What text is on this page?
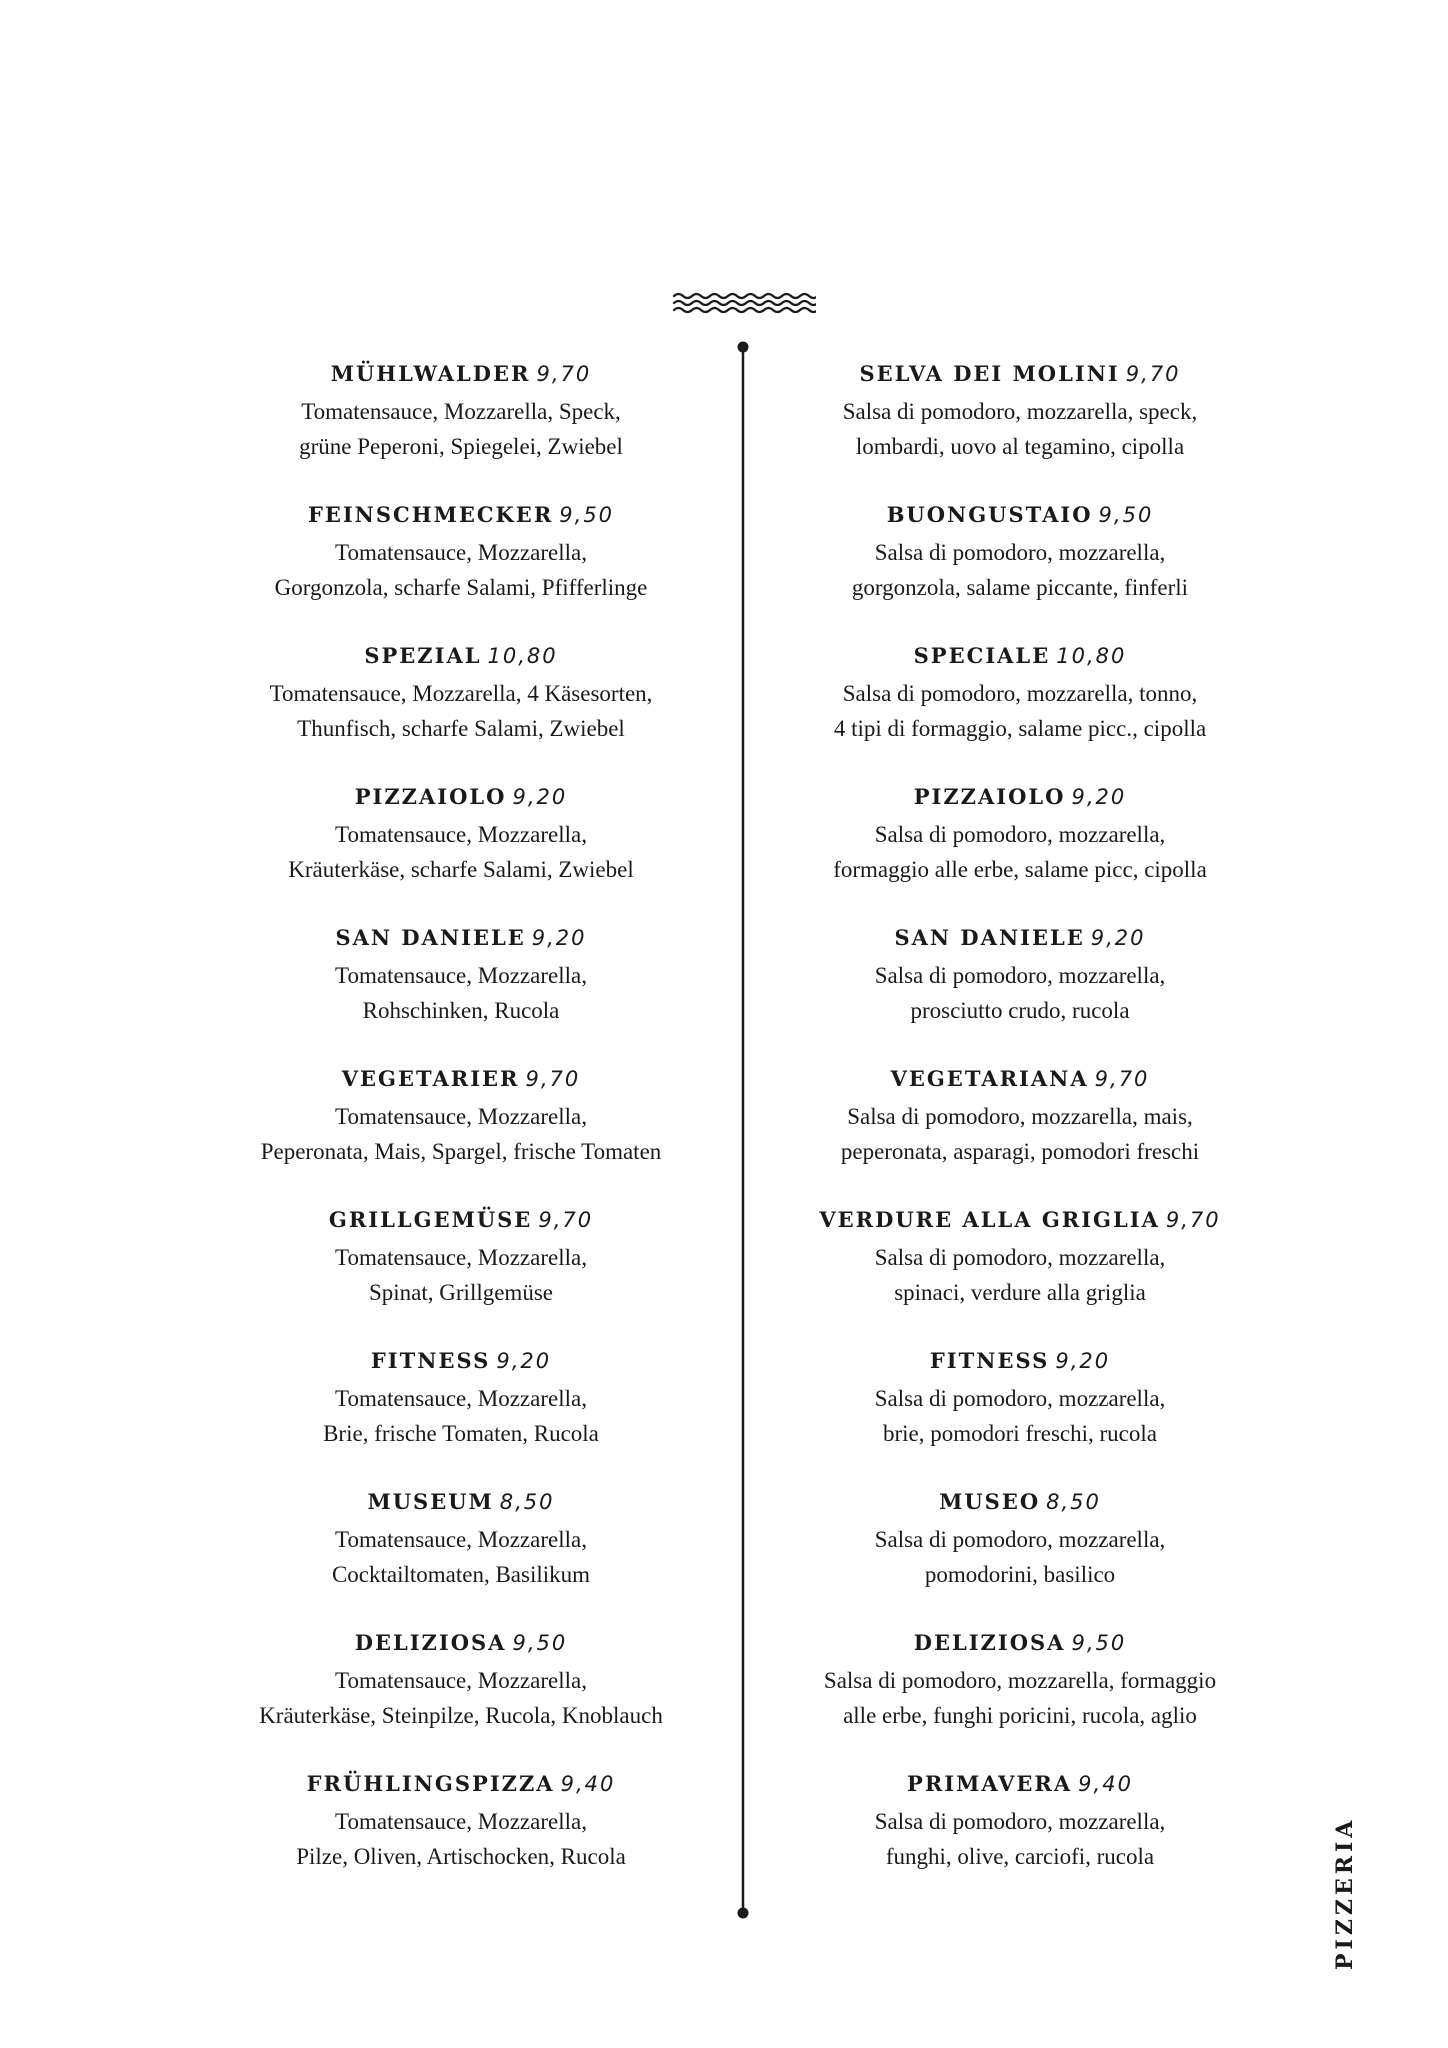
MÜHLWALDER 9,70
Tomatensauce, Mozzarella, Speck,
grüne Peperoni, Spiegelei, Zwiebel
FEINSCHMECKER 9,50
Tomatensauce, Mozzarella,
Gorgonzola, scharfe Salami, Pfifferlinge
SPEZIAL 10,80
Tomatensauce, Mozzarella, 4 Käsesorten,
Thunfisch, scharfe Salami, Zwiebel
PIZZAIOLO 9,20
Tomatensauce, Mozzarella,
Kräuterkäse, scharfe Salami, Zwiebel
SAN DANIELE 9,20
Tomatensauce, Mozzarella,
Rohschinken, Rucola
VEGETARIER 9,70
Tomatensauce, Mozzarella,
Peperonata, Mais, Spargel, frische Tomaten
GRILLGEMÜSE 9,70
Tomatensauce, Mozzarella,
Spinat, Grillgemüse
FITNESS 9,20
Tomatensauce, Mozzarella,
Brie, frische Tomaten, Rucola
MUSEUM 8,50
Tomatensauce, Mozzarella,
Cocktailtomaten, Basilikum
DELIZIOSA 9,50
Tomatensauce, Mozzarella,
Kräuterkäse, Steinpilze, Rucola, Knoblauch
FRÜHLINGSPIZZA 9,40
Tomatensauce, Mozzarella,
Pilze, Oliven, Artischocken, Rucola
SELVA DEI MOLINI 9,70
Salsa di pomodoro, mozzarella, speck,
lombardi, uovo al tegamino, cipolla
BUONGUSTAIO 9,50
Salsa di pomodoro, mozzarella,
gorgonzola, salame piccante, finferli
SPECIALE 10,80
Salsa di pomodoro, mozzarella, tonno,
4 tipi di formaggio, salame picc., cipolla
PIZZAIOLO 9,20
Salsa di pomodoro, mozzarella,
formaggio alle erbe, salame picc, cipolla
SAN DANIELE 9,20
Salsa di pomodoro, mozzarella,
prosciutto crudo, rucola
VEGETARIANA 9,70
Salsa di pomodoro, mozzarella, mais,
peperonata, asparagi, pomodori freschi
VERDURE ALLA GRIGLIA 9,70
Salsa di pomodoro, mozzarella,
spinaci, verdure alla griglia
FITNESS 9,20
Salsa di pomodoro, mozzarella,
brie, pomodori freschi, rucola
MUSEO 8,50
Salsa di pomodoro, mozzarella,
pomodorini, basilico
DELIZIOSA 9,50
Salsa di pomodoro, mozzarella, formaggio
alle erbe, funghi poricini, rucola, aglio
PRIMAVERA 9,40
Salsa di pomodoro, mozzarella,
funghi, olive, carciofi, rucola	PIZZERIA
